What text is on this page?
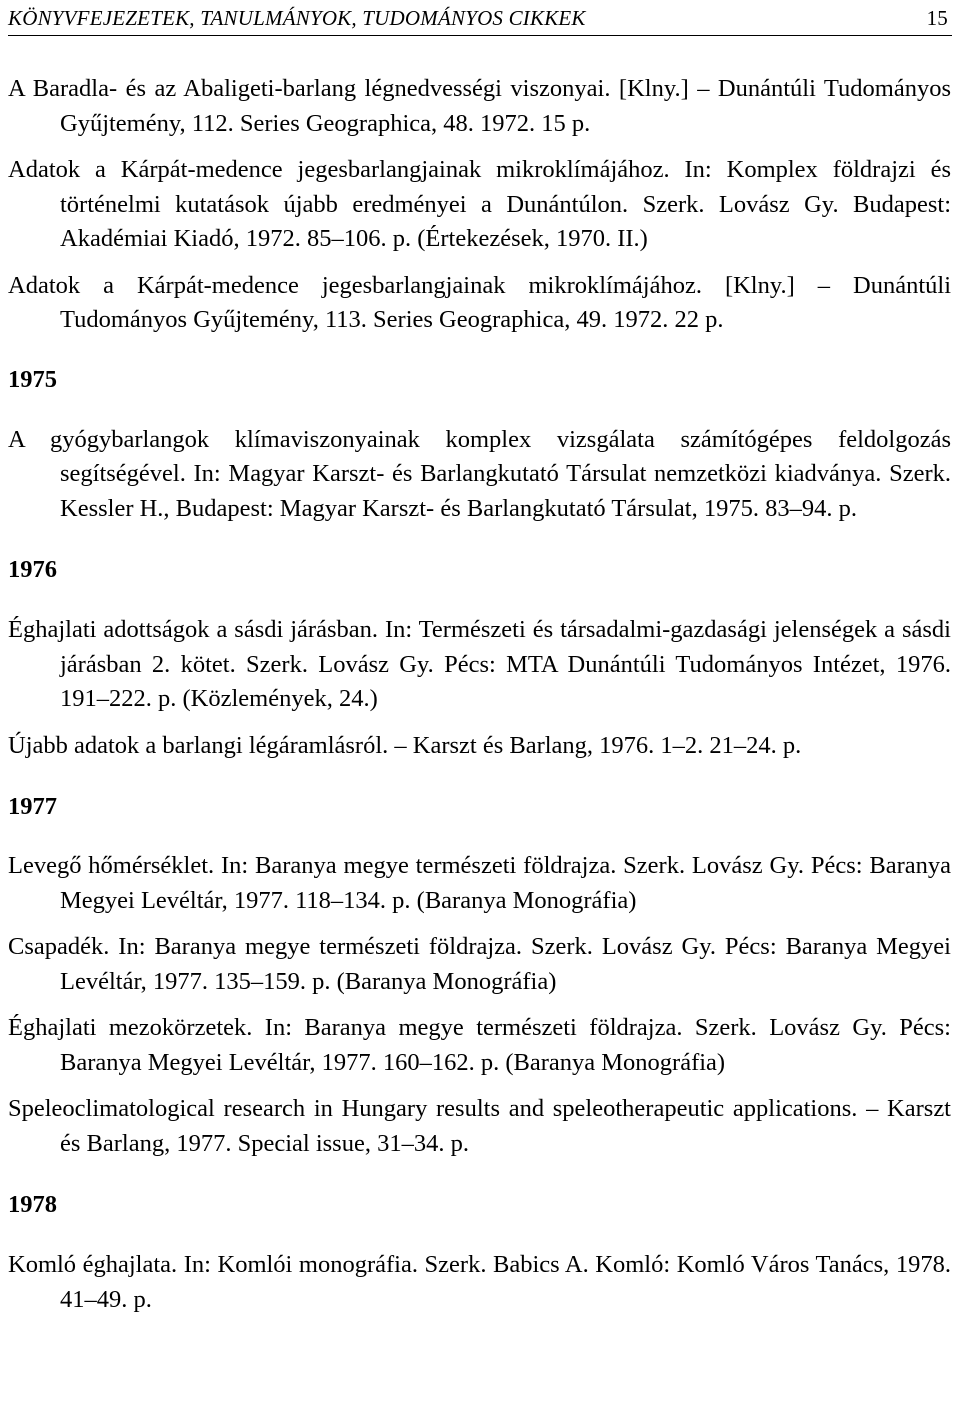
KÖNYVFEJEZETEK, TANULMÁNYOK, TUDOMÁNYOS CIKKEK	15

A Baradla- és az Abaligeti-barlang légnedvességi viszonyai. [Klny.] – Dunántúli Tudományos Gyűjtemény, 112. Series Geographica, 48. 1972. 15 p.

Adatok a Kárpát-medence jegesbarlangjainak mikroklímájához. In: Komplex földrajzi és történelmi kutatások újabb eredményei a Dunántúlon. Szerk. Lovász Gy. Budapest: Akadémiai Kiadó, 1972. 85–106. p. (Értekezések, 1970. II.)

Adatok a Kárpát-medence jegesbarlangjainak mikroklímájához. [Klny.] – Dunántúli Tudományos Gyűjtemény, 113. Series Geographica, 49. 1972. 22 p.

1975

A gyógybarlangok klímaviszonyainak komplex vizsgálata számítógépes feldolgozás segítségével. In: Magyar Karszt- és Barlangkutató Társulat nemzetközi kiadványa. Szerk. Kessler H., Budapest: Magyar Karszt- és Barlangkutató Társulat, 1975. 83–94. p.

1976

Éghajlati adottságok a sásdi járásban. In: Természeti és társadalmi-gazdasági jelenségek a sásdi járásban 2. kötet. Szerk. Lovász Gy. Pécs: MTA Dunántúli Tudományos Intézet, 1976. 191–222. p. (Közlemények, 24.)

Újabb adatok a barlangi légáramlásról. – Karszt és Barlang, 1976. 1–2. 21–24. p.

1977

Levegő hőmérséklet. In: Baranya megye természeti földrajza. Szerk. Lovász Gy. Pécs: Baranya Megyei Levéltár, 1977. 118–134. p. (Baranya Monográfia)

Csapadék. In: Baranya megye természeti földrajza. Szerk. Lovász Gy. Pécs: Baranya Megyei Levéltár, 1977. 135–159. p. (Baranya Monográfia)

Éghajlati mezokörzetek. In: Baranya megye természeti földrajza. Szerk. Lovász Gy. Pécs: Baranya Megyei Levéltár, 1977. 160–162. p. (Baranya Monográfia)

Speleoclimatological research in Hungary results and speleotherapeutic applications. – Karszt és Barlang, 1977. Special issue, 31–34. p.

1978

Komló éghajlata. In: Komlói monográfia. Szerk. Babics A. Komló: Komló Város Tanács, 1978. 41–49. p.
